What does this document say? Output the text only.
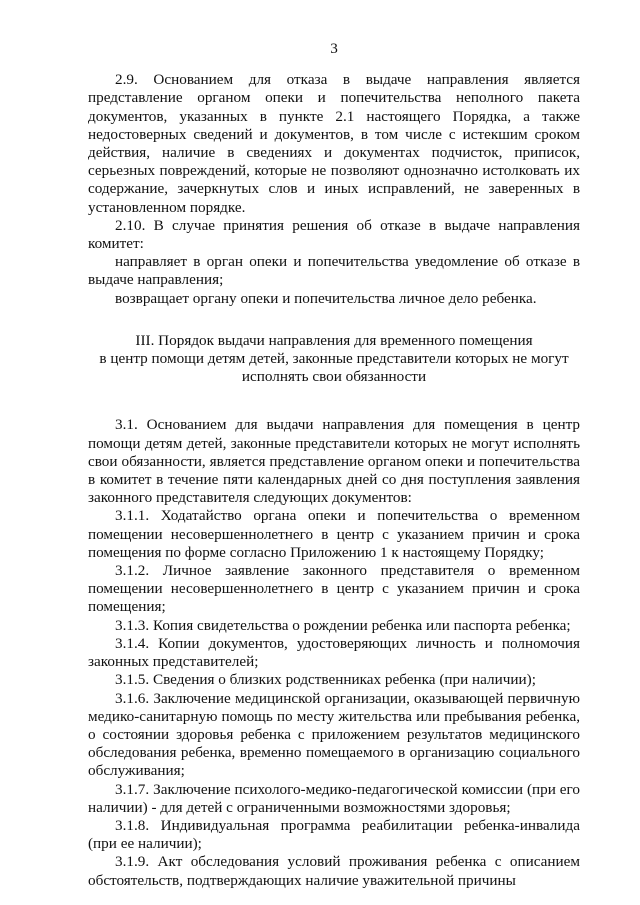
3

2.9. Основанием для отказа в выдаче направления является представление органом опеки и попечительства неполного пакета документов, указанных в пункте 2.1 настоящего Порядка, а также недостоверных сведений и документов, в том числе с истекшим сроком действия, наличие в сведениях и документах подчисток, приписок, серьезных повреждений, которые не позволяют однозначно истолковать их содержание, зачеркнутых слов и иных исправлений, не заверенных в установленном порядке.

2.10. В случае принятия решения об отказе в выдаче направления комитет:

направляет в орган опеки и попечительства уведомление об отказе в выдаче направления;

возвращает органу опеки и попечительства личное дело ребенка.

III. Порядок выдачи направления для временного помещения
в центр помощи детям детей, законные представители которых не могут
исполнять свои обязанности

3.1. Основанием для выдачи направления для помещения в центр помощи детям детей, законные представители которых не могут исполнять свои обязанности, является представление органом опеки и попечительства в комитет в течение пяти календарных дней со дня поступления заявления законного представителя следующих документов:

3.1.1. Ходатайство органа опеки и попечительства о временном помещении несовершеннолетнего в центр с указанием причин и срока помещения по форме согласно Приложению 1 к настоящему Порядку;

3.1.2. Личное заявление законного представителя о временном помещении несовершеннолетнего в центр с указанием причин и срока помещения;

3.1.3. Копия свидетельства о рождении ребенка или паспорта ребенка;

3.1.4. Копии документов, удостоверяющих личность и полномочия законных представителей;

3.1.5. Сведения о близких родственниках ребенка (при наличии);

3.1.6. Заключение медицинской организации, оказывающей первичную медико-санитарную помощь по месту жительства или пребывания ребенка, о состоянии здоровья ребенка с приложением результатов медицинского обследования ребенка, временно помещаемого в организацию социального обслуживания;

3.1.7. Заключение психолого-медико-педагогической комиссии (при его наличии) - для детей с ограниченными возможностями здоровья;

3.1.8. Индивидуальная программа реабилитации ребенка-инвалида (при ее наличии);

3.1.9. Акт обследования условий проживания ребенка с описанием обстоятельств, подтверждающих наличие уважительной причины
